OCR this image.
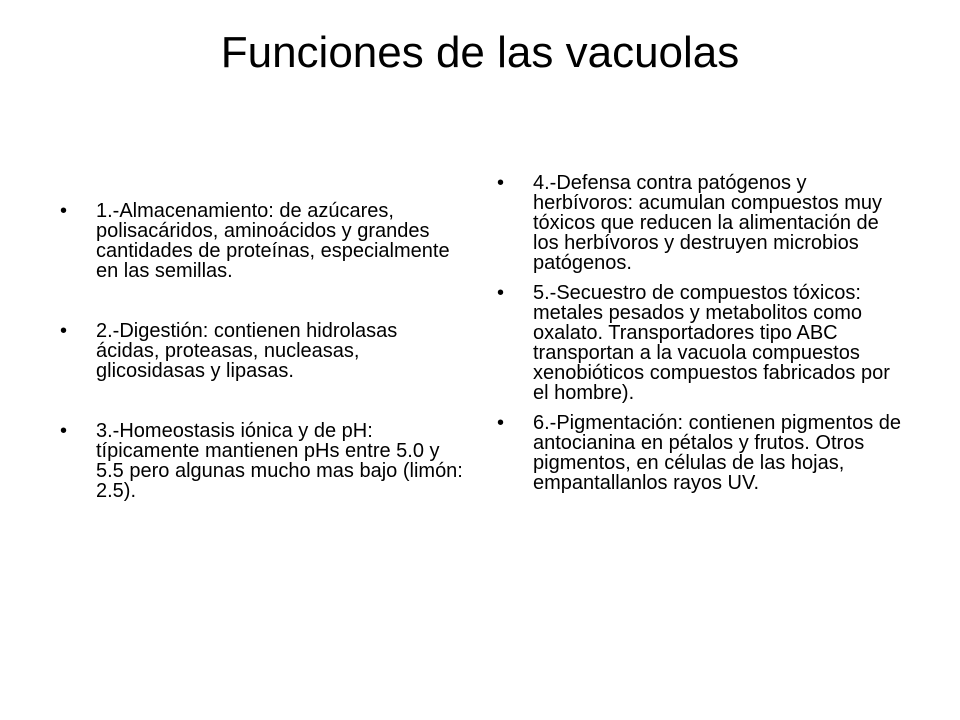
Funciones de las vacuolas
• 1.-Almacenamiento: de azúcares, polisacáridos, aminoácidos y grandes cantidades de proteínas, especialmente en las semillas.
• 2.-Digestión: contienen hidrolasas ácidas, proteasas, nucleasas, glicosidasas y lipasas.
• 3.-Homeostasis iónica y de pH: típicamente mantienen pHs entre 5.0 y 5.5 pero algunas mucho mas bajo (limón: 2.5).
• 4.-Defensa contra patógenos y herbívoros: acumulan compuestos muy tóxicos que reducen la alimentación de los herbívoros y destruyen microbios patógenos.
• 5.-Secuestro de compuestos tóxicos: metales pesados y metabolitos como oxalato. Transportadores tipo ABC transportan a la vacuola compuestos xenobióticos compuestos fabricados por el hombre).
• 6.-Pigmentación: contienen pigmentos de antocianina en pétalos y frutos. Otros pigmentos, en células de las hojas, empantallanlos rayos UV.
